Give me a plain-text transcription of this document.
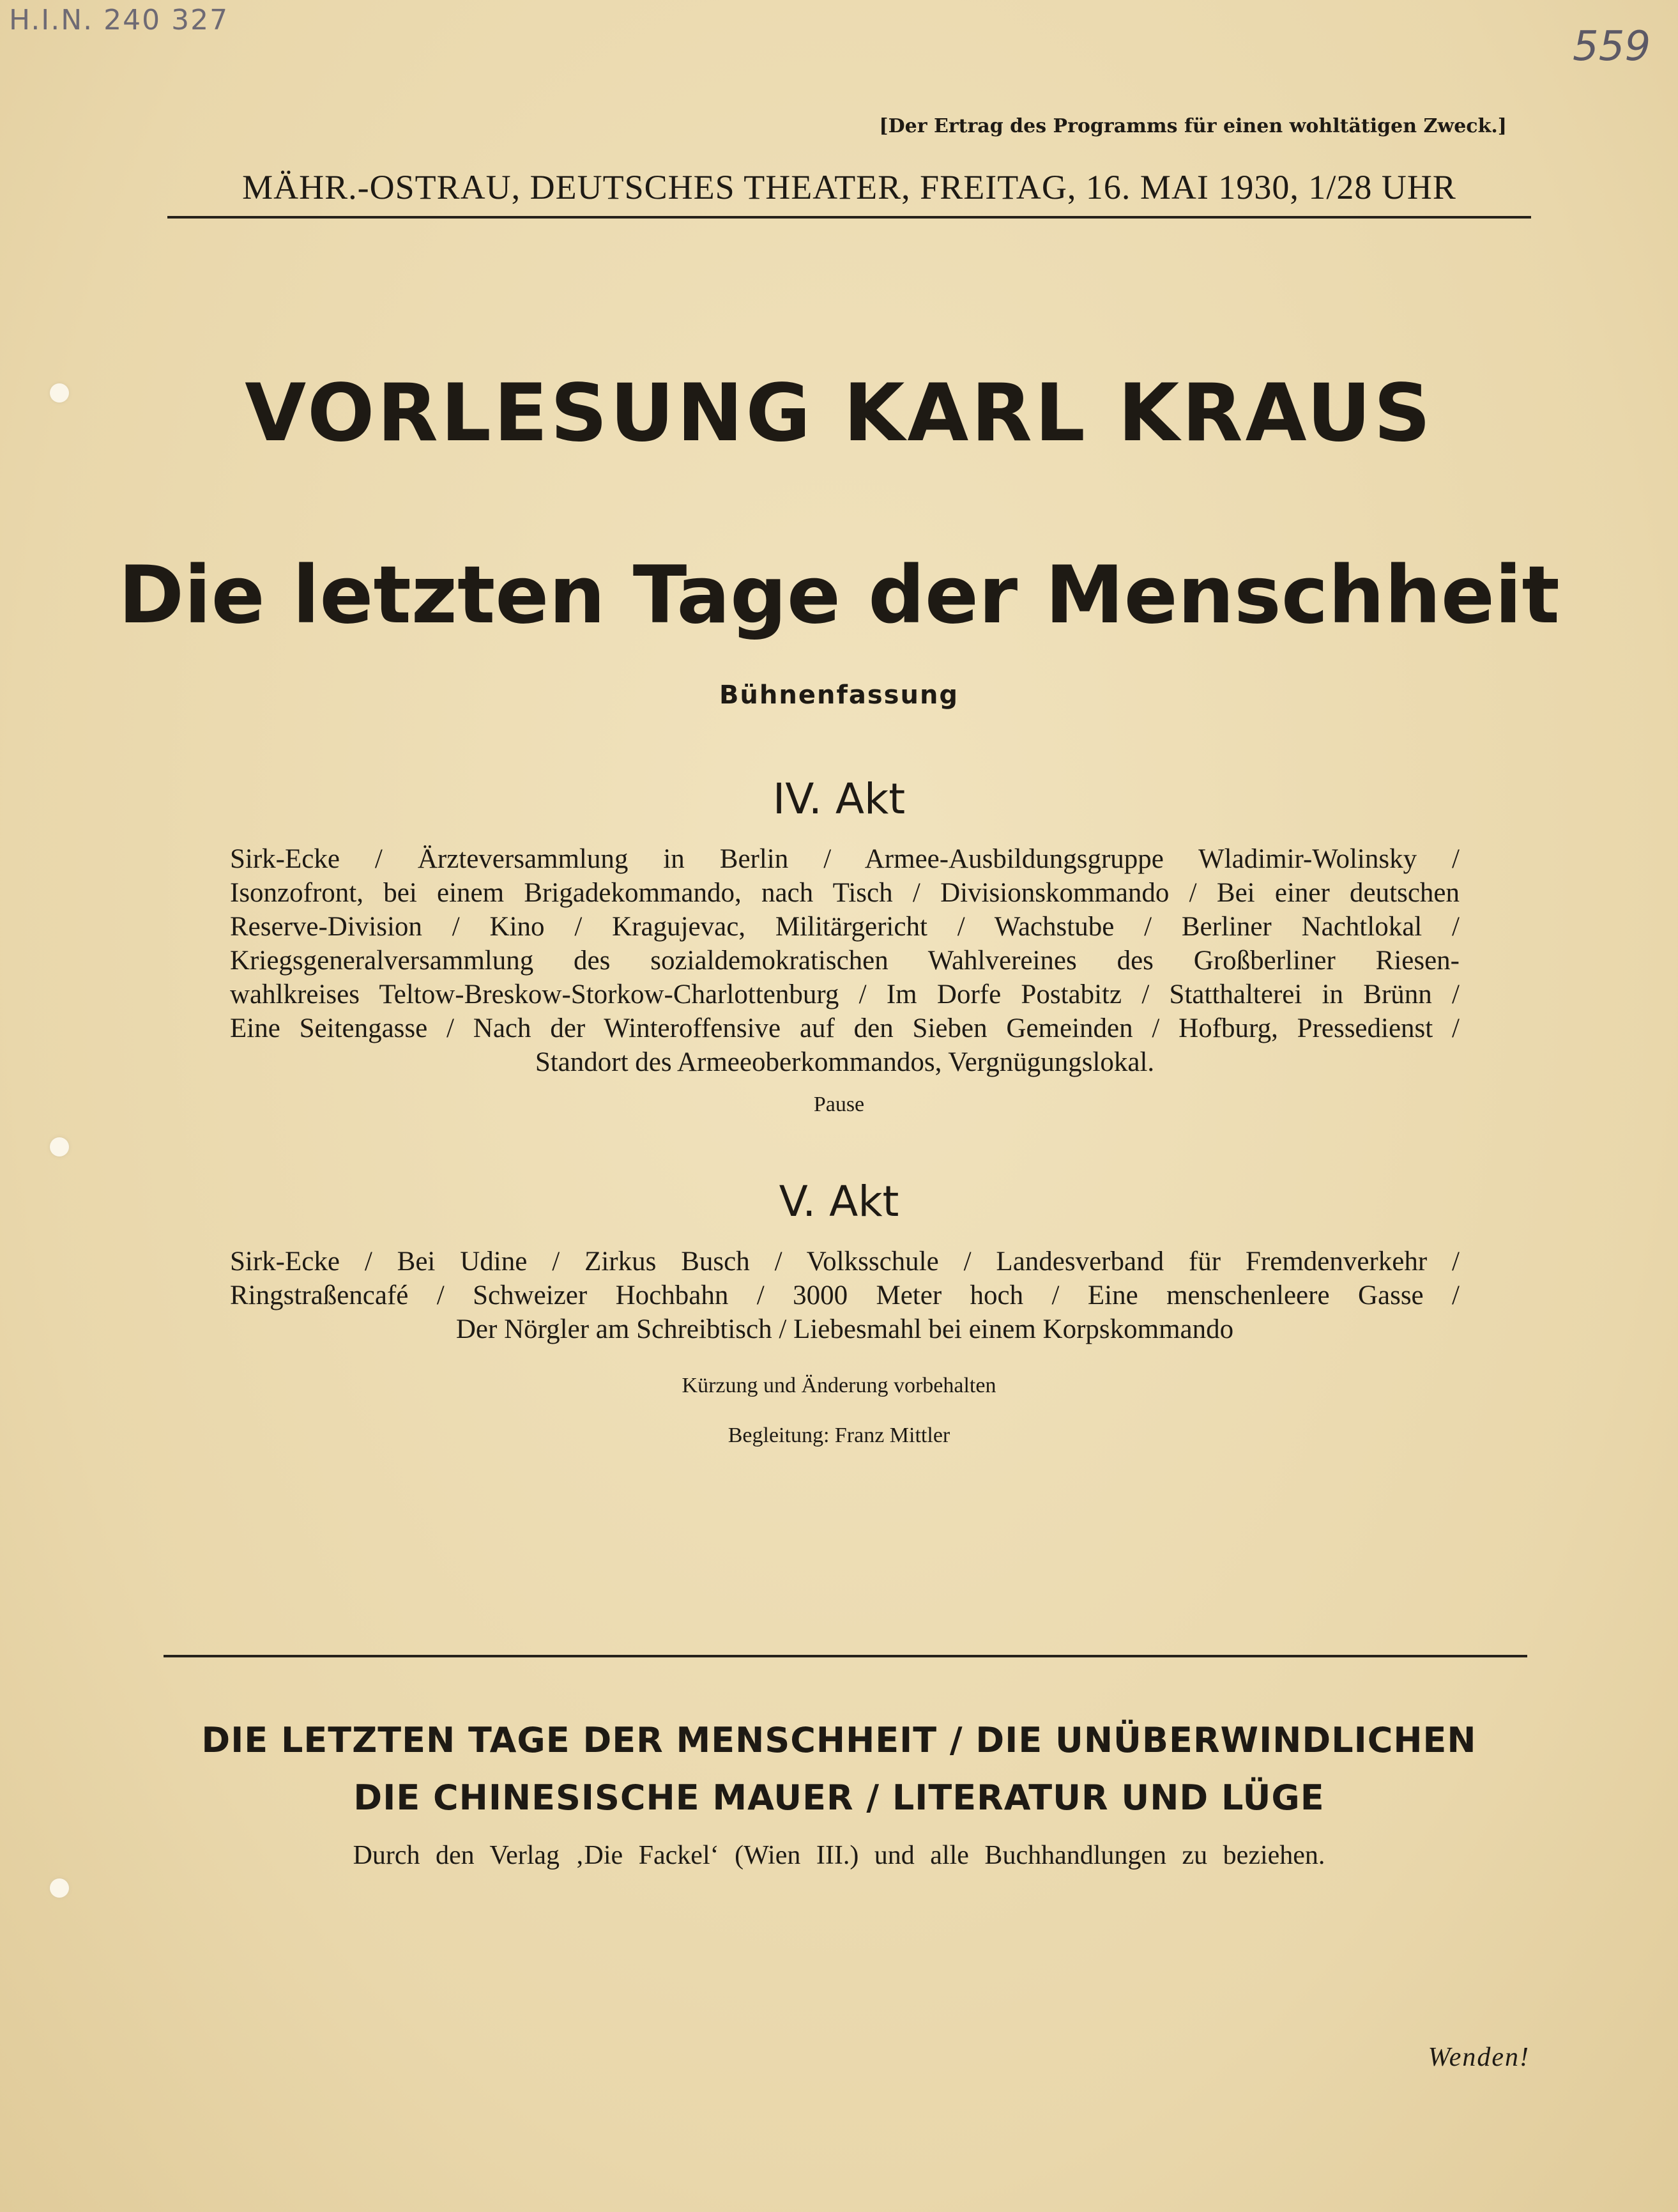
H.I.N. 240 327
559
[Der Ertrag des Programms für einen wohltätigen Zweck.]
MÄHR.-OSTRAU, DEUTSCHES THEATER, FREITAG, 16. MAI 1930, 1/28 UHR
VORLESUNG KARL KRAUS
Die letzten Tage der Menschheit
Bühnenfassung
IV. Akt
Sirk-Ecke / Ärzteversammlung in Berlin / Armee-Ausbildungsgruppe Wladimir-Wolinsky /
Isonzofront, bei einem Brigadekommando, nach Tisch / Divisionskommando / Bei einer deutschen
Reserve-Division / Kino / Kragujevac, Militärgericht / Wachstube / Berliner Nachtlokal /
Kriegsgeneralversammlung des sozialdemokratischen Wahlvereines des Großberliner Riesen-
wahlkreises Teltow-Breskow-Storkow-Charlottenburg / Im Dorfe Postabitz / Statthalterei in Brünn /
Eine Seitengasse / Nach der Winteroffensive auf den Sieben Gemeinden / Hofburg, Pressedienst /
Standort des Armeeoberkommandos, Vergnügungslokal.
Pause
V. Akt
Sirk-Ecke / Bei Udine / Zirkus Busch / Volksschule / Landesverband für Fremdenverkehr /
Ringstraßencafé / Schweizer Hochbahn / 3000 Meter hoch / Eine menschenleere Gasse /
Der Nörgler am Schreibtisch / Liebesmahl bei einem Korpskommando
Kürzung und Änderung vorbehalten
Begleitung: Franz Mittler
DIE LETZTEN TAGE DER MENSCHHEIT / DIE UNÜBERWINDLICHEN
DIE CHINESISCHE MAUER / LITERATUR UND LÜGE
Durch den Verlag ‚Die Fackel‘ (Wien III.) und alle Buchhandlungen zu beziehen.
Wenden!
